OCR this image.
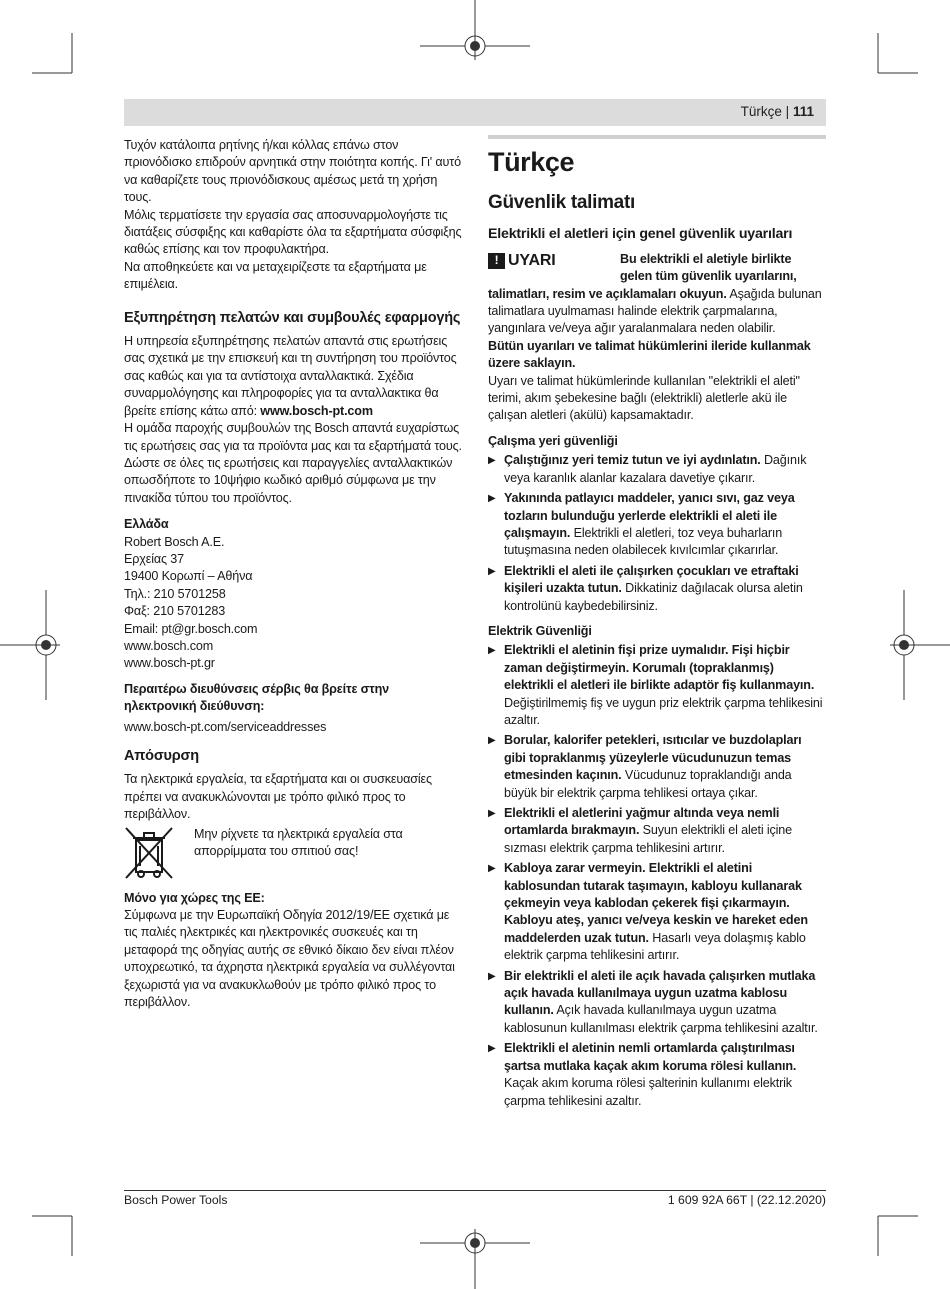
Türkçe | 111

Τυχόν κατάλοιπα ρητίνης ή/και κόλλας επάνω στον πριονόδισκο επιδρούν αρνητικά στην ποιότητα κοπής. Γι' αυτό να καθαρίζετε τους πριονόδισκους αμέσως μετά τη χρήση τους.

Μόλις τερματίσετε την εργασία σας αποσυναρμολογήστε τις διατάξεις σύσφιξης και καθαρίστε όλα τα εξαρτήματα σύσφιξης καθώς επίσης και τον προφυλακτήρα.

Να αποθηκεύετε και να μεταχειρίζεστε τα εξαρτήματα με επιμέλεια.

Εξυπηρέτηση πελατών και συμβουλές εφαρμογής

Η υπηρεσία εξυπηρέτησης πελατών απαντά στις ερωτήσεις σας σχετικά με την επισκευή και τη συντήρηση του προϊόντος σας καθώς και για τα αντίστοιχα ανταλλακτικά. Σχέδια συναρμολόγησης και πληροφορίες για τα ανταλλακτικα θα βρείτε επίσης κάτω από: www.bosch-pt.com

Η ομάδα παροχής συμβουλών της Bosch απαντά ευχαρίστως τις ερωτήσεις σας για τα προϊόντα μας και τα εξαρτήματά τους.

Δώστε σε όλες τις ερωτήσεις και παραγγελίες ανταλλακτικών οπωσδήποτε το 10ψήφιο κωδικό αριθμό σύμφωνα με την πινακίδα τύπου του προϊόντος.

Ελλάδα

Robert Bosch A.E.
Ερχείας 37
19400 Κορωπί – Αθήνα
Τηλ.: 210 5701258
Φαξ: 210 5701283
Email: pt@gr.bosch.com
www.bosch.com
www.bosch-pt.gr

Περαιτέρω διευθύνσεις σέρβις θα βρείτε στην ηλεκτρονική διεύθυνση:

www.bosch-pt.com/serviceaddresses

Απόσυρση

Τα ηλεκτρικά εργαλεία, τα εξαρτήματα και οι συσκευασίες πρέπει να ανακυκλώνονται με τρόπο φιλικό προς το περιβάλλον.

Μην ρίχνετε τα ηλεκτρικά εργαλεία στα απορρίμματα του σπιτιού σας!

Μόνο για χώρες της ΕΕ:

Σύμφωνα με την Ευρωπαϊκή Οδηγία 2012/19/ΕΕ σχετικά με τις παλιές ηλεκτρικές και ηλεκτρονικές συσκευές και τη μεταφορά της οδηγίας αυτής σε εθνικό δίκαιο δεν είναι πλέον υποχρεωτικό, τα άχρηστα ηλεκτρικά εργαλεία να συλλέγονται ξεχωριστά για να ανακυκλωθούν με τρόπο φιλικό προς το περιβάλλον.

Türkçe
Güvenlik talimatı
Elektrikli el aletleri için genel güvenlik uyarıları
! UYARI	Bu elektrikli el aletiyle birlikte gelen tüm güvenlik uyarılarını,

talimatları, resim ve açıklamaları okuyun. Aşağıda bulunan talimatlara uyulmaması halinde elektrik çarpmalarına, yangınlara ve/veya ağır yaralanmalara neden olabilir.

Bütün uyarıları ve talimat hükümlerini ileride kullanmak üzere saklayın.

Uyarı ve talimat hükümlerinde kullanılan "elektrikli el aleti" terimi, akım şebekesine bağlı (elektrikli) aletlerle akü ile çalışan aletleri (akülü) kapsamaktadır.

Çalışma yeri güvenliği

▶ Çalıştığınız yeri temiz tutun ve iyi aydınlatın. Dağınık veya karanlık alanlar kazalara davetiye çıkarır.
▶ Yakınında patlayıcı maddeler, yanıcı sıvı, gaz veya tozların bulunduğu yerlerde elektrikli el aleti ile çalışmayın. Elektrikli el aletleri, toz veya buharların tutuşmasına neden olabilecek kıvılcımlar çıkarırlar.
▶ Elektrikli el aleti ile çalışırken çocukları ve etraftaki kişileri uzakta tutun. Dikkatiniz dağılacak olursa aletin kontrolünü kaybedebilirsiniz.

Elektrik Güvenliği

▶ Elektrikli el aletinin fişi prize uymalıdır. Fişi hiçbir zaman değiştirmeyin. Korumalı (topraklanmış) elektrikli el aletleri ile birlikte adaptör fiş kullanmayın. Değiştirilmemiş fiş ve uygun priz elektrik çarpma tehlikesini azaltır.
▶ Borular, kalorifer petekleri, ısıtıcılar ve buzdolapları gibi topraklanmış yüzeylerle vücudunuzun temas etmesinden kaçının. Vücudunuz topraklandığı anda büyük bir elektrik çarpma tehlikesi ortaya çıkar.
▶ Elektrikli el aletlerini yağmur altında veya nemli ortamlarda bırakmayın. Suyun elektrikli el aleti içine sızması elektrik çarpma tehlikesini artırır.
▶ Kabloya zarar vermeyin. Elektrikli el aletini kablosundan tutarak taşımayın, kabloyu kullanarak çekmeyin veya kablodan çekerek fişi çıkarmayın. Kabloyu ateş, yanıcı ve/veya keskin ve hareket eden maddelerden uzak tutun. Hasarlı veya dolaşmış kablo elektrik çarpma tehlikesini artırır.
▶ Bir elektrikli el aleti ile açık havada çalışırken mutlaka açık havada kullanılmaya uygun uzatma kablosu kullanın. Açık havada kullanılmaya uygun uzatma kablosunun kullanılması elektrik çarpma tehlikesini azaltır.
▶ Elektrikli el aletinin nemli ortamlarda çalıştırılması şartsa mutlaka kaçak akım koruma rölesi kullanın. Kaçak akım koruma rölesi şalterinin kullanımı elektrik çarpma tehlikesini azaltır.
Bosch Power Tools	1 609 92A 66T | (22.12.2020)
